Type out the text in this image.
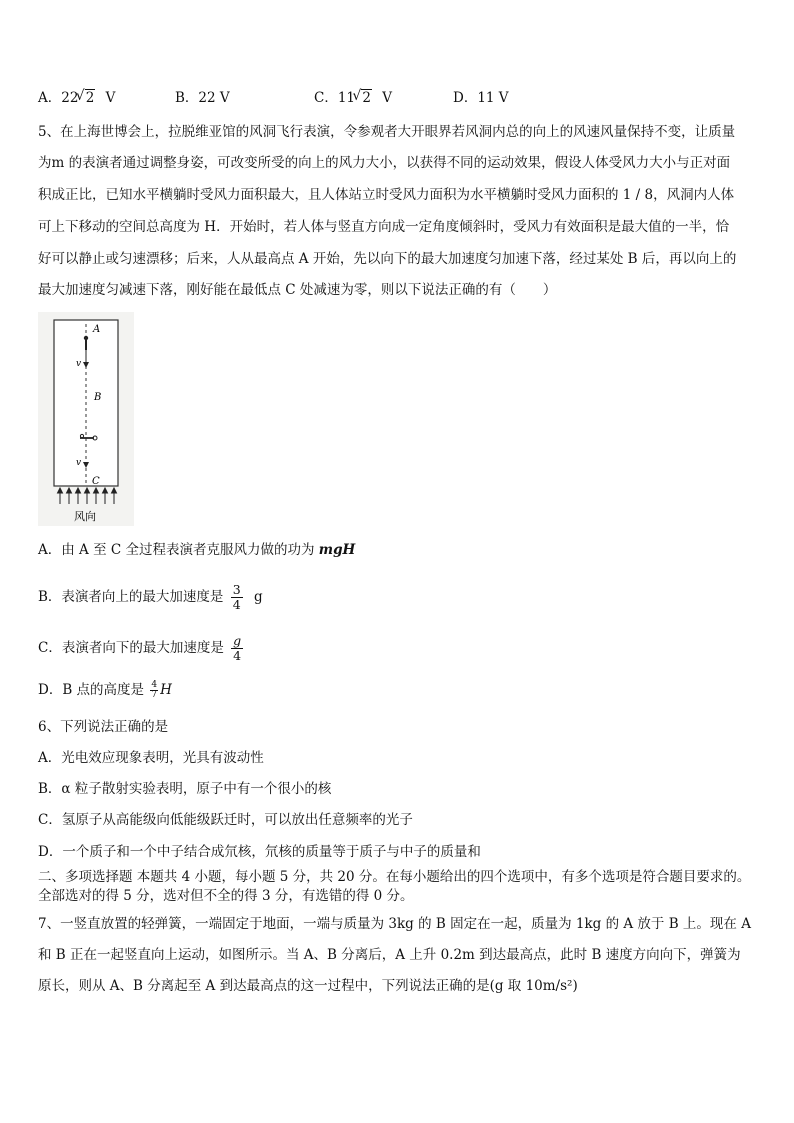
A．22 √ 2 V	B．22 V	C．11 √ 2 V	D．11 V
5、在上海世博会上，拉脱维亚馆的风洞飞行表演，令参观者大开眼界若风洞内总的向上的风速风量保持不变，让质量
为m 的表演者通过调整身姿，可改变所受的向上的风力大小，以获得不同的运动效果，假设人体受风力大小与正对面
积成正比，已知水平横躺时受风力面积最大，且人体站立时受风力面积为水平横躺时受风力面积的 1 / 8，风洞内人体
可上下移动的空间总高度为 H．开始时，若人体与竖直方向成一定角度倾斜时，受风力有效面积是最大值的一半，恰
好可以静止或匀速漂移；后来，人从最高点 A 开始，先以向下的最大加速度匀加速下落，经过某处 B 后，再以向上的
最大加速度匀减速下落，刚好能在最低点 C 处减速为零，则以下说法正确的有（　　）
A
v
B
v
C
风向
A．由 A 至 C 全过程表演者克服风力做的功为 mgH
B．表演者向上的最大加速度是 $\frac{3}{4}$ g
C．表演者向下的最大加速度是 $\frac{g}{4}$
D．B 点的高度是 $\frac{4}{7}$ H
6、下列说法正确的是
A．光电效应现象表明，光具有波动性
B．α 粒子散射实验表明，原子中有一个很小的核
C．氢原子从高能级向低能级跃迁时，可以放出任意频率的光子
D．一个质子和一个中子结合成氘核，氘核的质量等于质子与中子的质量和
二、多项选择题 本题共 4 小题，每小题 5 分，共 20 分。在每小题给出的四个选项中，有多个选项是符合题目要求的。
全部选对的得 5 分，选对但不全的得 3 分，有选错的得 0 分。
7、一竖直放置的轻弹簧，一端固定于地面，一端与质量为 3kg 的 B 固定在一起，质量为 1kg 的 A 放于 B 上。现在 A
和 B 正在一起竖直向上运动，如图所示。当 A、B 分离后，A 上升 0.2m 到达最高点，此时 B 速度方向向下，弹簧为
原长，则从 A、B 分离起至 A 到达最高点的这一过程中，下列说法正确的是(g 取 10m/s²)
